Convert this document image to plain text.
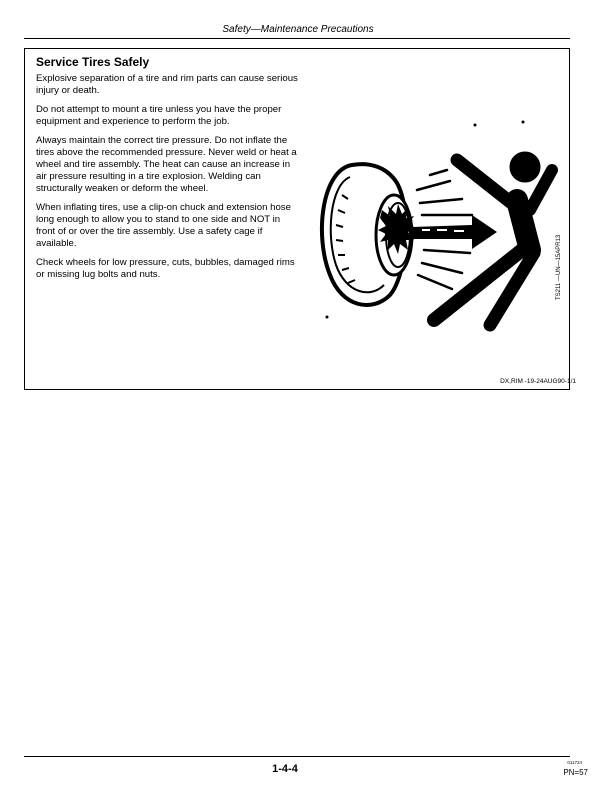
Safety—Maintenance Precautions
Service Tires Safely

Explosive separation of a tire and rim parts can cause serious injury or death.

Do not attempt to mount a tire unless you have the proper equipment and experience to perform the job.

Always maintain the correct tire pressure. Do not inflate the tires above the recommended pressure. Never weld or heat a wheel and tire assembly. The heat can cause an increase in air pressure resulting in a tire explosion. Welding can structurally weaken or deform the wheel.

When inflating tires, use a clip-on chuck and extension hose long enough to allow you to stand to one side and NOT in front of or over the tire assembly. Use a safety cage if available.

Check wheels for low pressure, cuts, bubbles, damaged rims or missing lug bolts and nuts.	TS211 —UN—15APR13
DX,RIM -19-24AUG90-1/1
1-4-4
011724
PN=57
